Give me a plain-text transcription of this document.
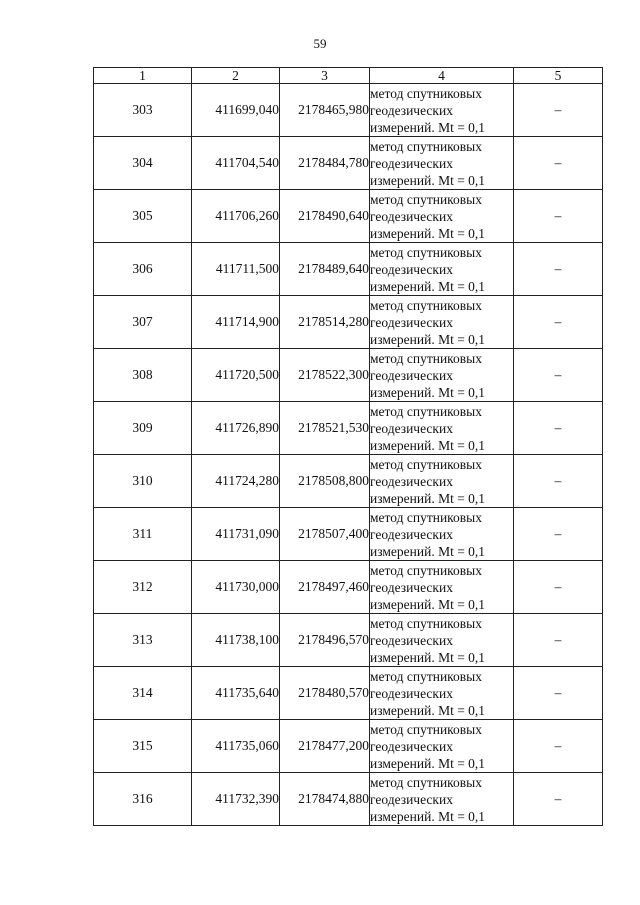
59
1	2	3	4	5
303	411699,040	2178465,980	метод спутниковых
геодезических
измерений. Mt = 0,1	–
304	411704,540	2178484,780	метод спутниковых
геодезических
измерений. Mt = 0,1	–
305	411706,260	2178490,640	метод спутниковых
геодезических
измерений. Mt = 0,1	–
306	411711,500	2178489,640	метод спутниковых
геодезических
измерений. Mt = 0,1	–
307	411714,900	2178514,280	метод спутниковых
геодезических
измерений. Mt = 0,1	–
308	411720,500	2178522,300	метод спутниковых
геодезических
измерений. Mt = 0,1	–
309	411726,890	2178521,530	метод спутниковых
геодезических
измерений. Mt = 0,1	–
310	411724,280	2178508,800	метод спутниковых
геодезических
измерений. Mt = 0,1	–
311	411731,090	2178507,400	метод спутниковых
геодезических
измерений. Mt = 0,1	–
312	411730,000	2178497,460	метод спутниковых
геодезических
измерений. Mt = 0,1	–
313	411738,100	2178496,570	метод спутниковых
геодезических
измерений. Mt = 0,1	–
314	411735,640	2178480,570	метод спутниковых
геодезических
измерений. Mt = 0,1	–
315	411735,060	2178477,200	метод спутниковых
геодезических
измерений. Mt = 0,1	–
316	411732,390	2178474,880	метод спутниковых
геодезических
измерений. Mt = 0,1	–
